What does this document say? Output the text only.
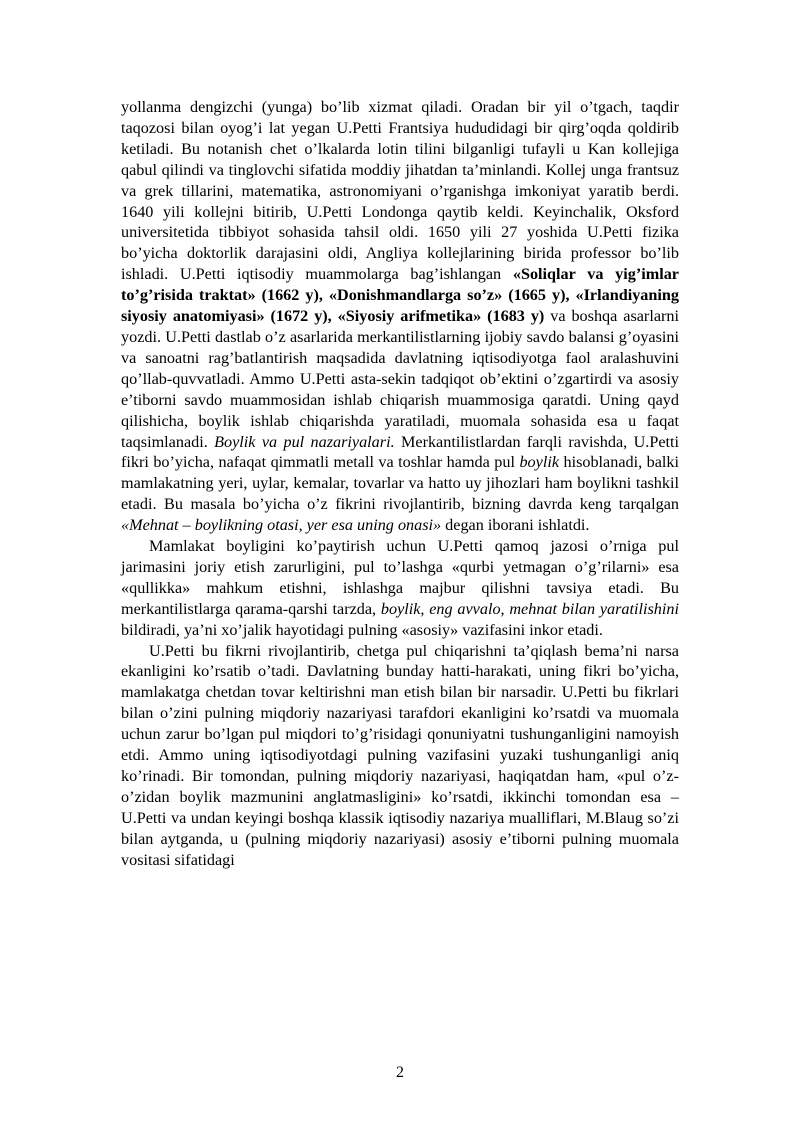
yollanma dengizchi (yunga) bo’lib xizmat qiladi. Oradan bir yil o’tgach, taqdir taqozosi bilan oyog’i lat yegan U.Petti Frantsiya hududidagi bir qirg’oqda qoldirib ketiladi. Bu notanish chet o’lkalarda lotin tilini bilganligi tufayli u Kan kollejiga qabul qilindi va tinglovchi sifatida moddiy jihatdan ta’minlandi. Kollej unga frantsuz va grek tillarini, matematika, astronomiyani o’rganishga imkoniyat yaratib berdi. 1640 yili kollejni bitirib, U.Petti Londonga qaytib keldi. Keyinchalik, Oksford universitetida tibbiyot sohasida tahsil oldi. 1650 yili 27 yoshida U.Petti fizika bo’yicha doktorlik darajasini oldi, Angliya kollejlarining birida professor bo’lib ishladi. U.Petti iqtisodiy muammolarga bag’ishlangan «Soliqlar va yig’imlar to’g’risida traktat» (1662 y), «Donishmandlarga so’z» (1665 y), «Irlandiyaning siyosiy anatomiyasi» (1672 y), «Siyosiy arifmetika» (1683 y) va boshqa asarlarni yozdi. U.Petti dastlab o’z asarlarida merkantilistlarning ijobiy savdo balansi g’oyasini va sanoatni rag’batlantirish maqsadida davlatning iqtisodiyotga faol aralashuvini qo’llab-quvvatladi. Ammo U.Petti asta-sekin tadqiqot ob’ektini o’zgartirdi va asosiy e’tiborni savdo muammosidan ishlab chiqarish muammosiga qaratdi. Uning qayd qilishicha, boylik ishlab chiqarishda yaratiladi, muomala sohasida esa u faqat taqsimlanadi. Boylik va pul nazariyalari. Merkantilistlardan farqli ravishda, U.Petti fikri bo’yicha, nafaqat qimmatli metall va toshlar hamda pul boylik hisoblanadi, balki mamlakatning yeri, uylar, kemalar, tovarlar va hatto uy jihozlari ham boylikni tashkil etadi. Bu masala bo’yicha o’z fikrini rivojlantirib, bizning davrda keng tarqalgan «Mehnat – boylikning otasi, yer esa uning onasi» degan iborani ishlatdi.

Mamlakat boyligini ko’paytirish uchun U.Petti qamoq jazosi o’rniga pul jarimasini joriy etish zarurligini, pul to’lashga «qurbi yetmagan o’g’rilarni» esa «qullikka» mahkum etishni, ishlashga majbur qilishni tavsiya etadi. Bu merkantilistlarga qarama-qarshi tarzda, boylik, eng avvalo, mehnat bilan yaratilishini bildiradi, ya’ni xo’jalik hayotidagi pulning «asosiy» vazifasini inkor etadi.

U.Petti bu fikrni rivojlantirib, chetga pul chiqarishni ta’qiqlash bema’ni narsa ekanligini ko’rsatib o’tadi. Davlatning bunday hatti-harakati, uning fikri bo’yicha, mamlakatga chetdan tovar keltirishni man etish bilan bir narsadir. U.Petti bu fikrlari bilan o’zini pulning miqdoriy nazariyasi tarafdori ekanligini ko’rsatdi va muomala uchun zarur bo’lgan pul miqdori to’g’risidagi qonuniyatni tushunganligini namoyish etdi. Ammo uning iqtisodiyotdagi pulning vazifasini yuzaki tushunganligi aniq ko’rinadi. Bir tomondan, pulning miqdoriy nazariyasi, haqiqatdan ham, «pul o’z-o’zidan boylik mazmunini anglatmasligini» ko’rsatdi, ikkinchi tomondan esa – U.Petti va undan keyingi boshqa klassik iqtisodiy nazariya mualliflari, M.Blaug so’zi bilan aytganda, u (pulning miqdoriy nazariyasi) asosiy e’tiborni pulning muomala vositasi sifatidagi

2
